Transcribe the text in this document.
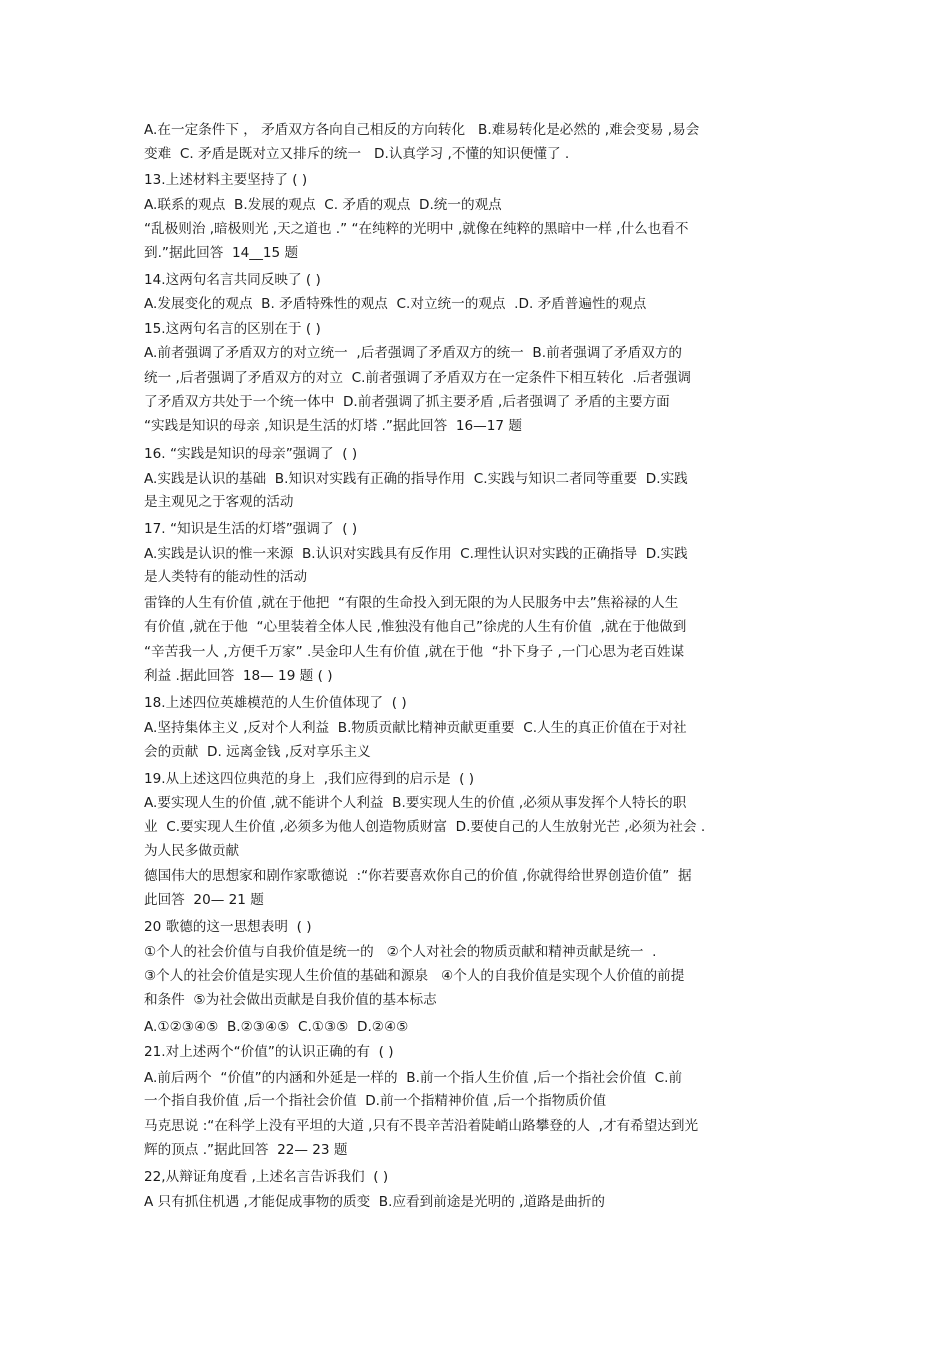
A.在一定条件下 ， 矛盾双方各向自己相反的方向转化   B.难易转化是必然的 ,难会变易 ,易会
变难  C. 矛盾是既对立又排斥的统一   D.认真学习 ,不懂的知识便懂了 .
13.上述材料主要坚持了 ( )
A.联系的观点  B.发展的观点  C. 矛盾的观点  D.统一的观点
“乱极则治 ,暗极则光 ,天之道也 .” “在纯粹的光明中 ,就像在纯粹的黑暗中一样 ,什么也看不
到.”据此回答  14__15 题
14.这两句名言共同反映了 ( )
A.发展变化的观点  B. 矛盾特殊性的观点  C.对立统一的观点  .D. 矛盾普遍性的观点
15.这两句名言的区别在于 ( )
A.前者强调了矛盾双方的对立统一  ,后者强调了矛盾双方的统一  B.前者强调了矛盾双方的
统一 ,后者强调了矛盾双方的对立  C.前者强调了矛盾双方在一定条件下相互转化  .后者强调
了矛盾双方共处于一个统一体中  D.前者强调了抓主要矛盾 ,后者强调了 矛盾的主要方面
“实践是知识的母亲 ,知识是生活的灯塔 .”据此回答  16—17 题
16. “实践是知识的母亲”强调了  ( )
A.实践是认识的基础  B.知识对实践有正确的指导作用  C.实践与知识二者同等重要  D.实践
是主观见之于客观的活动
17. “知识是生活的灯塔”强调了  ( )
A.实践是认识的惟一来源  B.认识对实践具有反作用  C.理性认识对实践的正确指导  D.实践
是人类特有的能动性的活动
雷锋的人生有价值 ,就在于他把  “有限的生命投入到无限的为人民服务中去”焦裕禄的人生
有价值 ,就在于他  “心里装着全体人民 ,惟独没有他自己”徐虎的人生有价值  ,就在于他做到
“辛苦我一人 ,方便千万家” .吴金印人生有价值 ,就在于他  “扑下身子 ,一门心思为老百姓谋
利益 .据此回答  18— 19 题 ( )
18.上述四位英雄模范的人生价值体现了  ( )
A.坚持集体主义 ,反对个人利益  B.物质贡献比精神贡献更重要  C.人生的真正价值在于对社
会的贡献  D. 远离金钱 ,反对享乐主义
19.从上述这四位典范的身上  ,我们应得到的启示是  ( )
A.要实现人生的价值 ,就不能讲个人利益  B.要实现人生的价值 ,必须从事发挥个人特长的职
业  C.要实现人生价值 ,必须多为他人创造物质财富  D.要使自己的人生放射光芒 ,必须为社会 .
为人民多做贡献
德国伟大的思想家和剧作家歌德说  :“你若要喜欢你自己的价值 ,你就得给世界创造价值”  据
此回答  20— 21 题
20 歌德的这一思想表明  ( )
①个人的社会价值与自我价值是统一的   ②个人对社会的物质贡献和精神贡献是统一  .
③个人的社会价值是实现人生价值的基础和源泉   ④个人的自我价值是实现个人价值的前提
和条件  ⑤为社会做出贡献是自我价值的基本标志
A.①②③④⑤  B.②③④⑤  C.①③⑤  D.②④⑤
21.对上述两个“价值”的认识正确的有  ( )
A.前后两个  “价值”的内涵和外延是一样的  B.前一个指人生价值 ,后一个指社会价值  C.前
一个指自我价值 ,后一个指社会价值  D.前一个指精神价值 ,后一个指物质价值
马克思说 :“在科学上没有平坦的大道 ,只有不畏辛苦沿着陡峭山路攀登的人  ,才有希望达到光
辉的顶点 .”据此回答  22— 23 题
22,从辩证角度看 ,上述名言告诉我们  ( )
A 只有抓住机遇 ,才能促成事物的质变  B.应看到前途是光明的 ,道路是曲折的
